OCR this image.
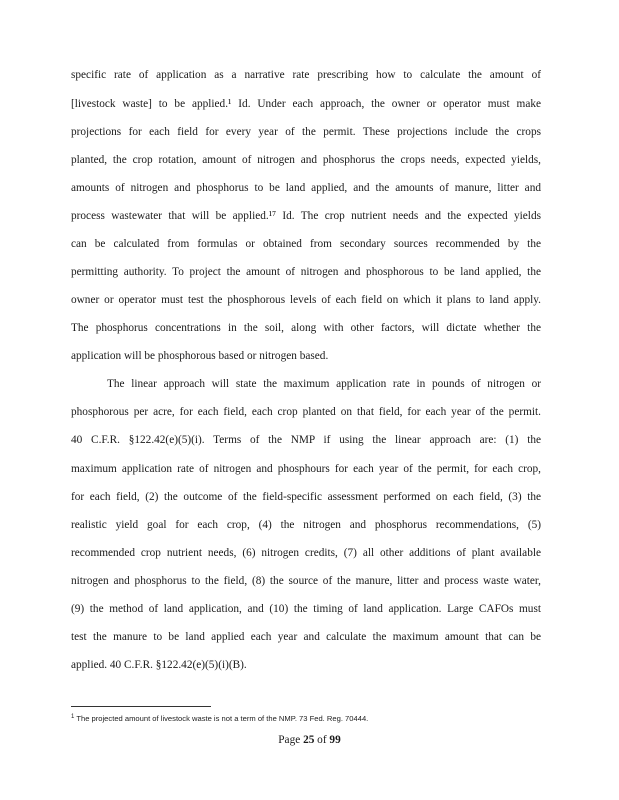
specific rate of application as a narrative rate prescribing how to calculate the amount of
[livestock waste] to be applied.¹ Id. Under each approach, the owner or operator must make
projections for each field for every year of the permit. These projections include the crops
planted, the crop rotation, amount of nitrogen and phosphorus the crops needs, expected yields,
amounts of nitrogen and phosphorus to be land applied, and the amounts of manure, litter and
process wastewater that will be applied.¹⁷ Id. The crop nutrient needs and the expected yields
can be calculated from formulas or obtained from secondary sources recommended by the
permitting authority. To project the amount of nitrogen and phosphorous to be land applied, the
owner or operator must test the phosphorous levels of each field on which it plans to land apply.
The phosphorus concentrations in the soil, along with other factors, will dictate whether the
application will be phosphorous based or nitrogen based.
The linear approach will state the maximum application rate in pounds of nitrogen or
phosphorous per acre, for each field, each crop planted on that field, for each year of the permit.
40 C.F.R. §122.42(e)(5)(i). Terms of the NMP if using the linear approach are: (1) the
maximum application rate of nitrogen and phosphours for each year of the permit, for each crop,
for each field, (2) the outcome of the field-specific assessment performed on each field, (3) the
realistic yield goal for each crop, (4) the nitrogen and phosphorus recommendations, (5)
recommended crop nutrient needs, (6) nitrogen credits, (7) all other additions of plant available
nitrogen and phosphorus to the field, (8) the source of the manure, litter and process waste water,
(9) the method of land application, and (10) the timing of land application. Large CAFOs must
test the manure to be land applied each year and calculate the maximum amount that can be
applied. 40 C.F.R. §122.42(e)(5)(i)(B).
$^1$ The projected amount of livestock waste is not a term of the NMP. 73 Fed. Reg. 70444.
Page 25 of 99
